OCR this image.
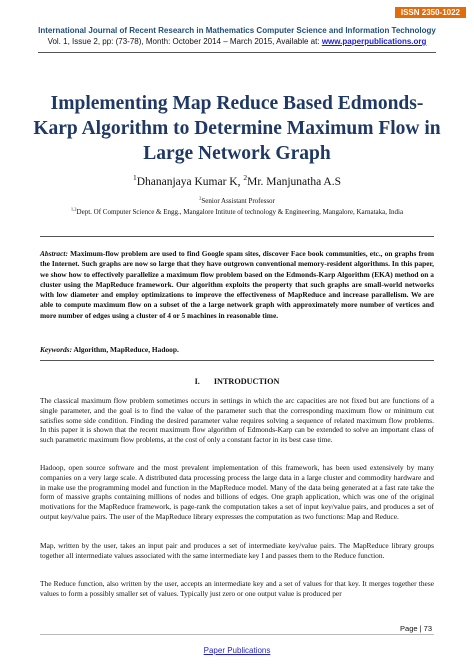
ISSN 2350-1022
International Journal of Recent Research in Mathematics Computer Science and Information Technology
Vol. 1, Issue 2, pp: (73-78), Month: October 2014 – March 2015, Available at: www.paperpublications.org
Implementing Map Reduce Based Edmonds-Karp Algorithm to Determine Maximum Flow in Large Network Graph
$^1$Dhananjaya Kumar K, $^2$Mr. Manjunatha A.S
$^2$Senior Assistant Professor
$^{1,2}$Dept. Of Computer Science & Engg., Mangalore Intitute of technology & Engineering, Mangalore, Karnataka, India

Abstract: Maximum-flow problem are used to find Google spam sites, discover Face book communities, etc., on graphs from the Internet. Such graphs are now so large that they have outgrown conventional memory-resident algorithms. In this paper, we show how to effectively parallelize a maximum flow problem based on the Edmonds-Karp Algorithm (EKA) method on a cluster using the MapReduce framework. Our algorithm exploits the property that such graphs are small-world networks with low diameter and employ optimizations to improve the effectiveness of MapReduce and increase parallelism. We are able to compute maximum flow on a subset of the a large network graph with approximately more number of vertices and more number of edges using a cluster of 4 or 5 machines in reasonable time.

Keywords: Algorithm, MapReduce, Hadoop.
I. INTRODUCTION

The classical maximum flow problem sometimes occurs in settings in which the arc capacities are not fixed but are functions of a single parameter, and the goal is to find the value of the parameter such that the corresponding maximum flow or minimum cut satisfies some side condition. Finding the desired parameter value requires solving a sequence of related maximum flow problems. In this paper it is shown that the recent maximum flow algorithm of Edmonds-Karp can be extended to solve an important class of such parametric maximum flow problems, at the cost of only a constant factor in its best case time.

Hadoop, open source software and the most prevalent implementation of this framework, has been used extensively by many companies on a very large scale. A distributed data processing process the large data in a large cluster and commodity hardware and in make use the programming model and function in the MapReduce model. Many of the data being generated at a fast rate take the form of massive graphs containing millions of nodes and billions of edges. One graph application, which was one of the original motivations for the MapReduce framework, is page-rank the computation takes a set of input key/value pairs, and produces a set of output key/value pairs. The user of the MapReduce library expresses the computation as two functions: Map and Reduce.

Map, written by the user, takes an input pair and produces a set of intermediate key/value pairs. The MapReduce library groups together all intermediate values associated with the same intermediate key I and passes them to the Reduce function.

The Reduce function, also written by the user, accepts an intermediate key and a set of values for that key. It merges together these values to form a possibly smaller set of values. Typically just zero or one output value is produced per

Page | 73
Paper Publications
